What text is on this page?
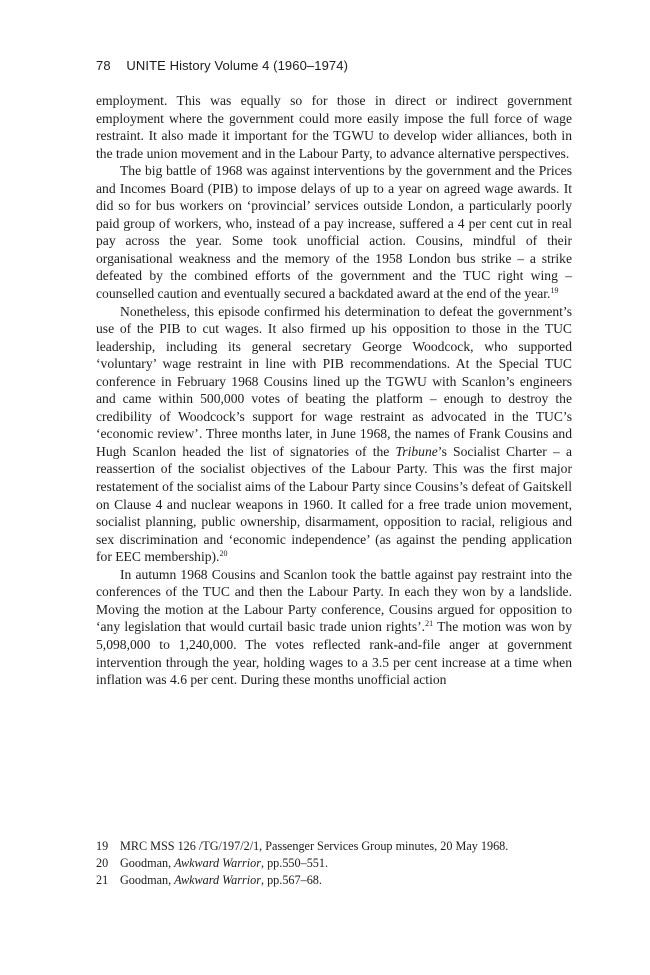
78 UNITE History Volume 4 (1960–1974)

employment. This was equally so for those in direct or indirect government employment where the government could more easily impose the full force of wage restraint. It also made it important for the TGWU to develop wider alliances, both in the trade union movement and in the Labour Party, to advance alternative perspectives.

The big battle of 1968 was against interventions by the government and the Prices and Incomes Board (PIB) to impose delays of up to a year on agreed wage awards. It did so for bus workers on ‘provincial’ services outside London, a particularly poorly paid group of workers, who, instead of a pay increase, suffered a 4 per cent cut in real pay across the year. Some took unofficial action. Cousins, mindful of their organisational weakness and the memory of the 1958 London bus strike – a strike defeated by the combined efforts of the government and the TUC right wing – counselled caution and eventually secured a backdated award at the end of the year.$^{19}$

Nonetheless, this episode confirmed his determination to defeat the government’s use of the PIB to cut wages. It also firmed up his opposition to those in the TUC leadership, including its general secretary George Woodcock, who supported ‘voluntary’ wage restraint in line with PIB recommendations. At the Special TUC conference in February 1968 Cousins lined up the TGWU with Scanlon’s engineers and came within 500,000 votes of beating the platform – enough to destroy the credibility of Woodcock’s support for wage restraint as advocated in the TUC’s ‘economic review’. Three months later, in June 1968, the names of Frank Cousins and Hugh Scanlon headed the list of signatories of the Tribune’s Socialist Charter – a reassertion of the socialist objectives of the Labour Party. This was the first major restatement of the socialist aims of the Labour Party since Cousins’s defeat of Gaitskell on Clause 4 and nuclear weapons in 1960. It called for a free trade union movement, socialist planning, public ownership, disarmament, opposition to racial, religious and sex discrimination and ‘economic independence’ (as against the pending application for EEC membership).$^{20}$

In autumn 1968 Cousins and Scanlon took the battle against pay restraint into the conferences of the TUC and then the Labour Party. In each they won by a landslide. Moving the motion at the Labour Party conference, Cousins argued for opposition to ‘any legislation that would curtail basic trade union rights’.$^{21}$ The motion was won by 5,098,000 to 1,240,000. The votes reflected rank-and-file anger at government intervention through the year, holding wages to a 3.5 per cent increase at a time when inflation was 4.6 per cent. During these months unofficial action

19 MRC MSS 126 /TG/197/2/1, Passenger Services Group minutes, 20 May 1968.
20 Goodman, Awkward Warrior, pp.550–551.
21 Goodman, Awkward Warrior, pp.567–68.
